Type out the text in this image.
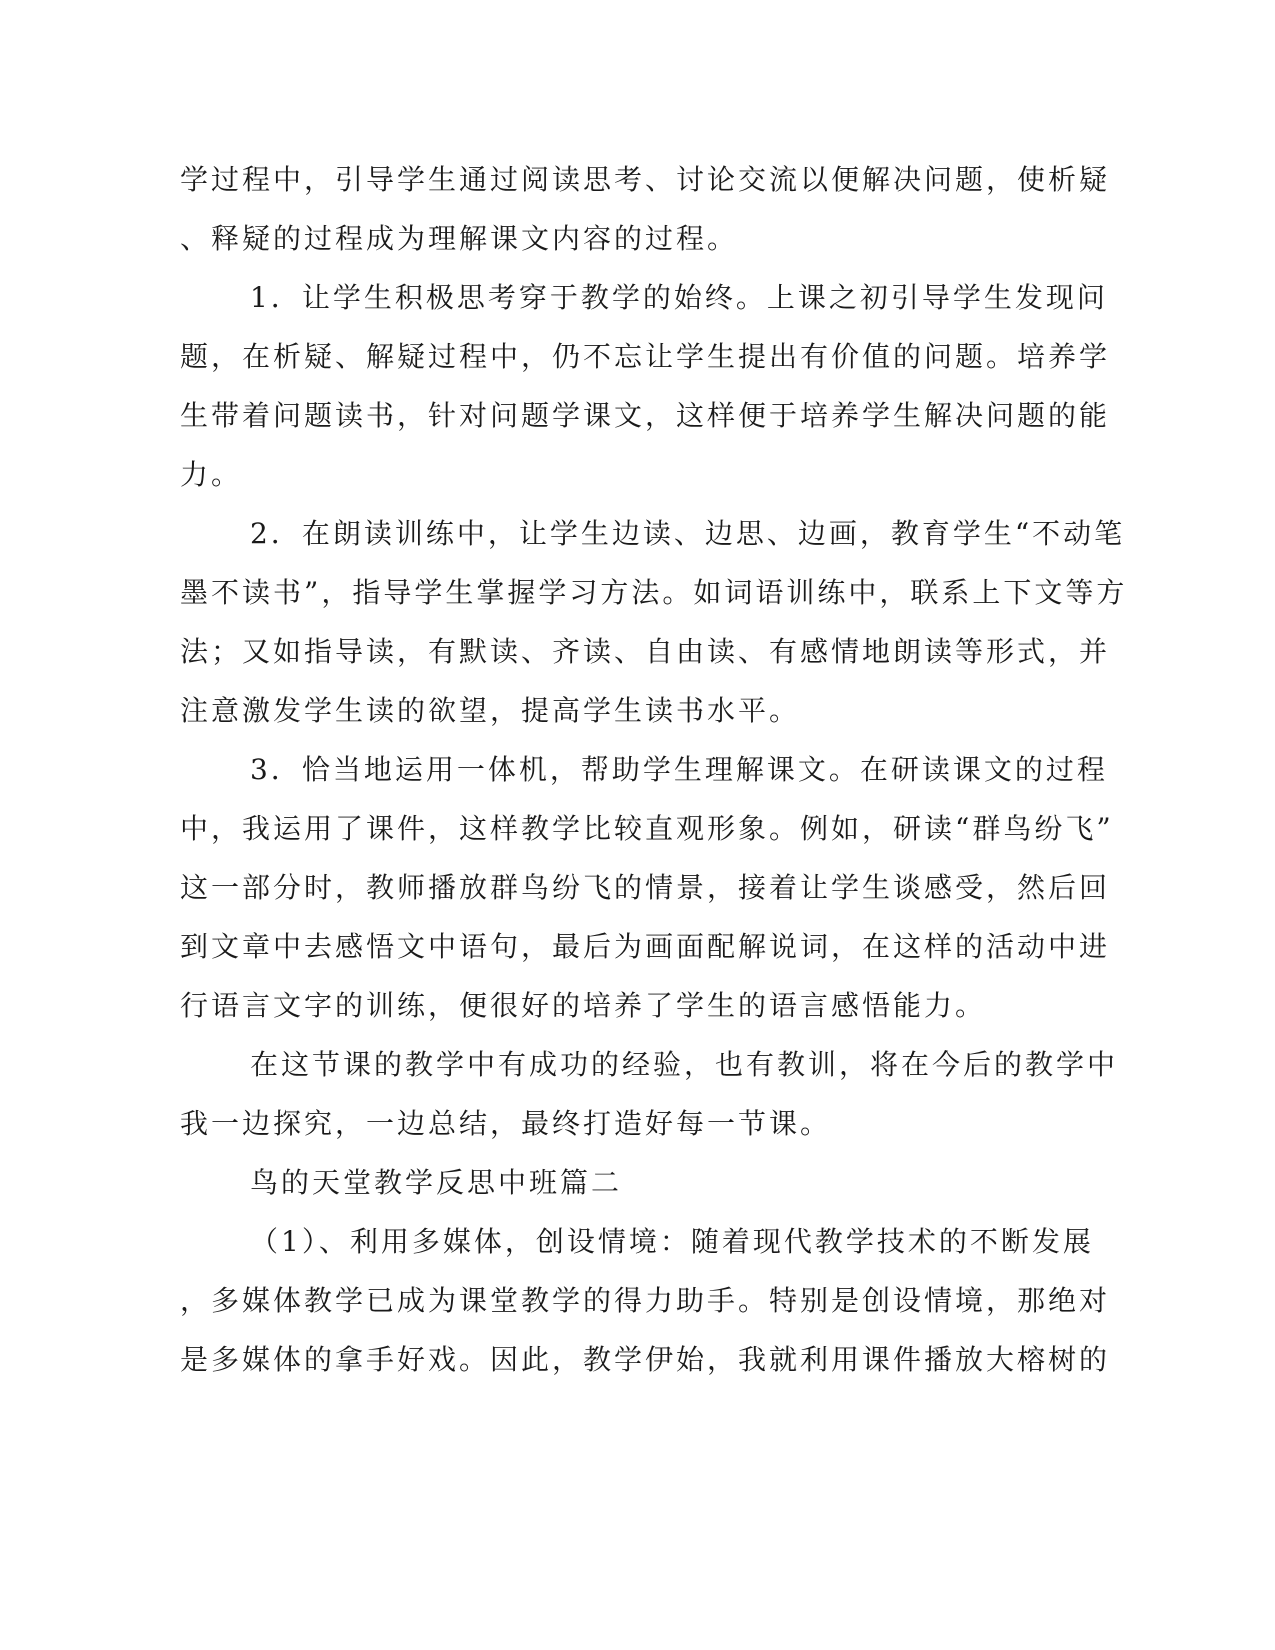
学过程中，引导学生通过阅读思考、讨论交流以便解决问题，使析疑
、释疑的过程成为理解课文内容的过程。
1．让学生积极思考穿于教学的始终。上课之初引导学生发现问
题，在析疑、解疑过程中，仍不忘让学生提出有价值的问题。培养学
生带着问题读书，针对问题学课文，这样便于培养学生解决问题的能
力。
2．在朗读训练中，让学生边读、边思、边画，教育学生“不动笔
墨不读书”，指导学生掌握学习方法。如词语训练中，联系上下文等方
法；又如指导读，有默读、齐读、自由读、有感情地朗读等形式，并
注意激发学生读的欲望，提高学生读书水平。
3．恰当地运用一体机，帮助学生理解课文。在研读课文的过程
中，我运用了课件，这样教学比较直观形象。例如，研读“群鸟纷飞”
这一部分时，教师播放群鸟纷飞的情景，接着让学生谈感受，然后回
到文章中去感悟文中语句，最后为画面配解说词，在这样的活动中进
行语言文字的训练，便很好的培养了学生的语言感悟能力。
在这节课的教学中有成功的经验，也有教训，将在今后的教学中
我一边探究，一边总结，最终打造好每一节课。
鸟的天堂教学反思中班篇二
（1）、利用多媒体，创设情境：随着现代教学技术的不断发展
，多媒体教学已成为课堂教学的得力助手。特别是创设情境，那绝对
是多媒体的拿手好戏。因此，教学伊始，我就利用课件播放大榕树的
